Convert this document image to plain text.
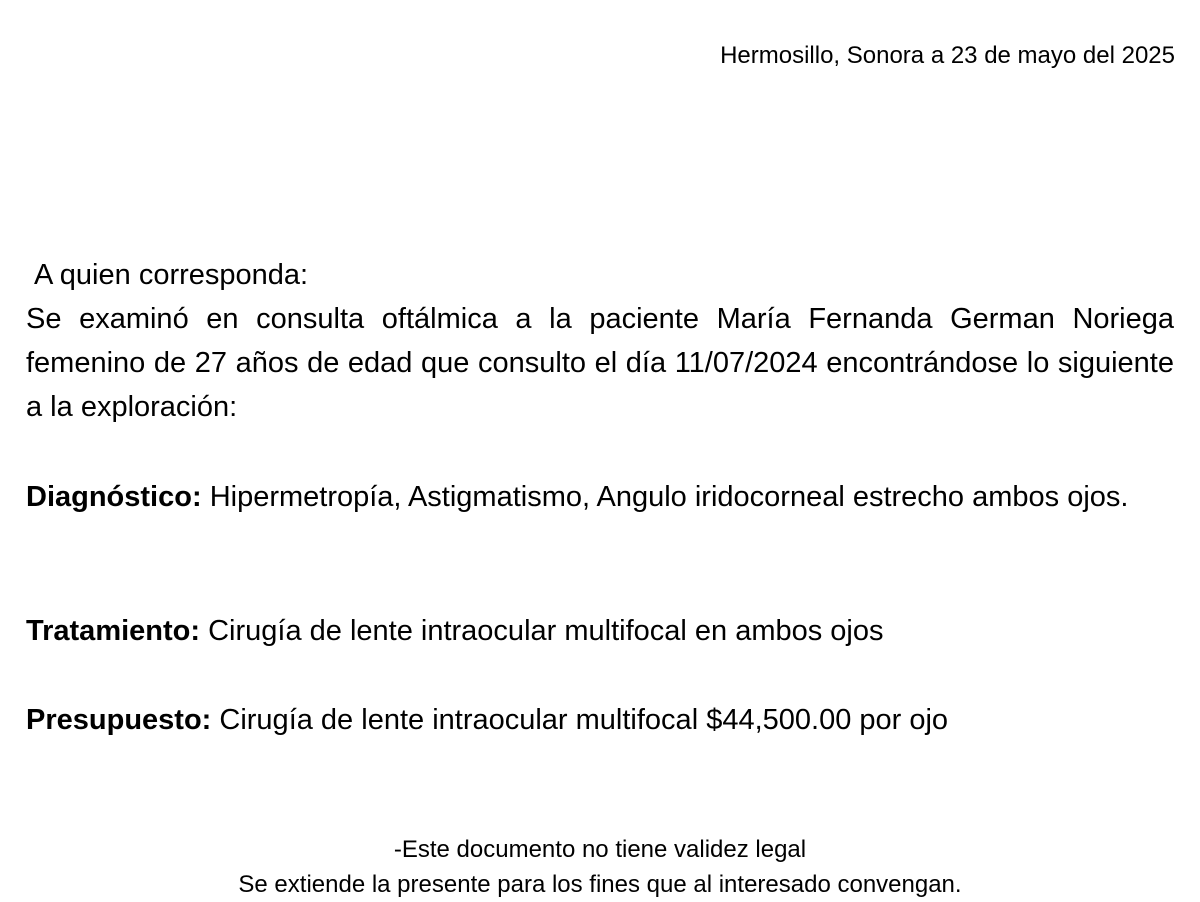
Hermosillo, Sonora a 23 de mayo del 2025
A quien corresponda:
Se examinó en consulta oftálmica a la paciente María Fernanda German Noriega femenino de 27 años de edad que consulto el día 11/07/2024 encontrándose lo siguiente a la exploración:
Diagnóstico: Hipermetropía, Astigmatismo, Angulo iridocorneal estrecho ambos ojos.
Tratamiento: Cirugía de lente intraocular multifocal en ambos ojos
Presupuesto: Cirugía de lente intraocular multifocal $44,500.00 por ojo
-Este documento no tiene validez legal
Se extiende la presente para los fines que al interesado convengan.
